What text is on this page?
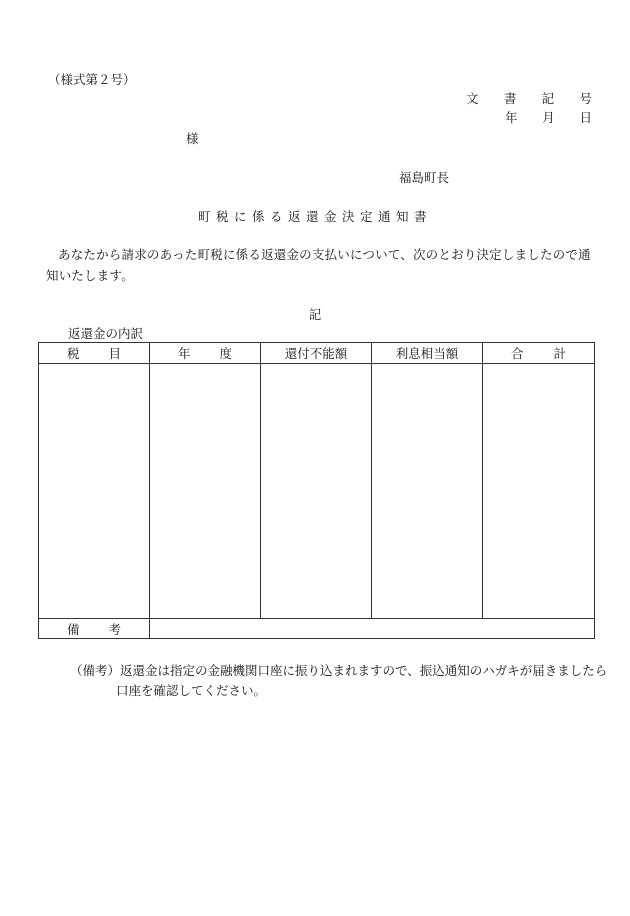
（様式第２号）
文 書 記 号
年 月 日
様
福島町長
町税に係る返還金決定通知書
あなたから請求のあった町税に係る返還金の支払いについて、次のとおり決定しましたので通知いたします。
記
返還金の内訳
税 目	年 度	還付不能額	利息相当額	合 計

備 考				

（備考）返還金は指定の金融機関口座に振り込まれますので、振込通知のハガキが届きましたら
口座を確認してください。
